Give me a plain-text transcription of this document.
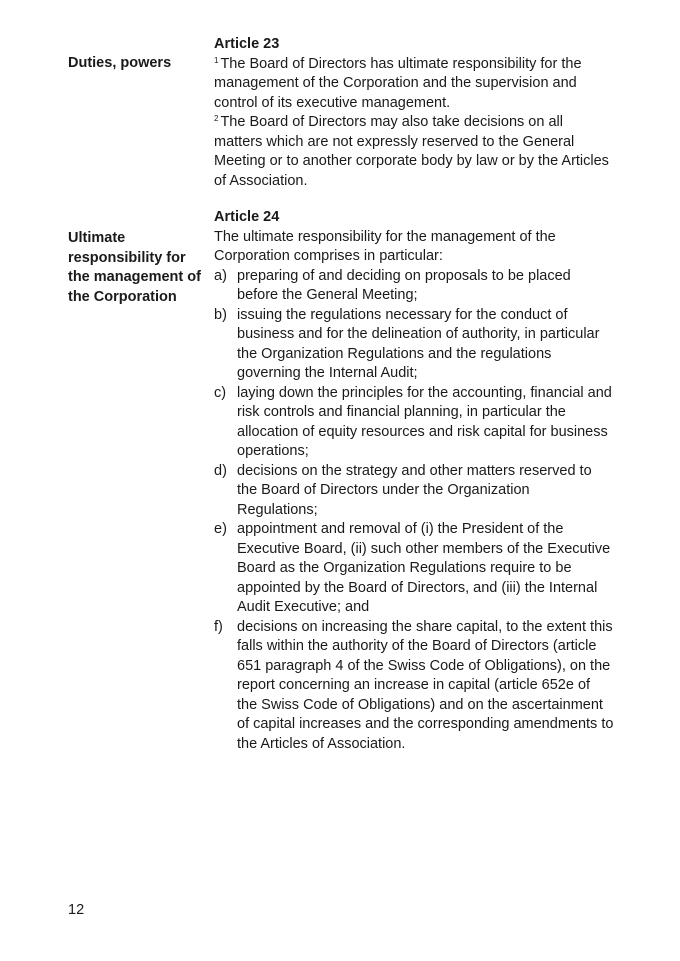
Article 23

$^1$ The Board of Directors has ultimate responsibility for the management of the Corporation and the supervision and control of its executive management.

$^2$ The Board of Directors may also take decisions on all matters which are not expressly reserved to the General Meeting or to another corporate body by law or by the Articles of Association.

Duties, powers

Article 24

The ultimate responsibility for the management of the Corporation comprises in particular:

a) preparing of and deciding on proposals to be placed before the General Meeting;
b) issuing the regulations necessary for the conduct of business and for the delineation of authority, in particular the Organization Regulations and the regulations governing the Internal Audit;
c) laying down the principles for the accounting, financial and risk controls and financial planning, in particular the allocation of equity resources and risk capital for business operations;
d) decisions on the strategy and other matters reserved to the Board of Directors under the Organization Regulations;
e) appointment and removal of (i) the President of the Executive Board, (ii) such other members of the Executive Board as the Organization Regulations require to be appointed by the Board of Directors, and (iii) the Internal Audit Executive; and
f) decisions on increasing the share capital, to the extent this falls within the authority of the Board of Directors (article 651 paragraph 4 of the Swiss Code of Obligations), on the report concerning an increase in capital (article 652e of the Swiss Code of Obligations) and on the ascertainment of capital increases and the corresponding amendments to the Articles of Association.
Ultimate responsibility for the management of the Corporation
12
